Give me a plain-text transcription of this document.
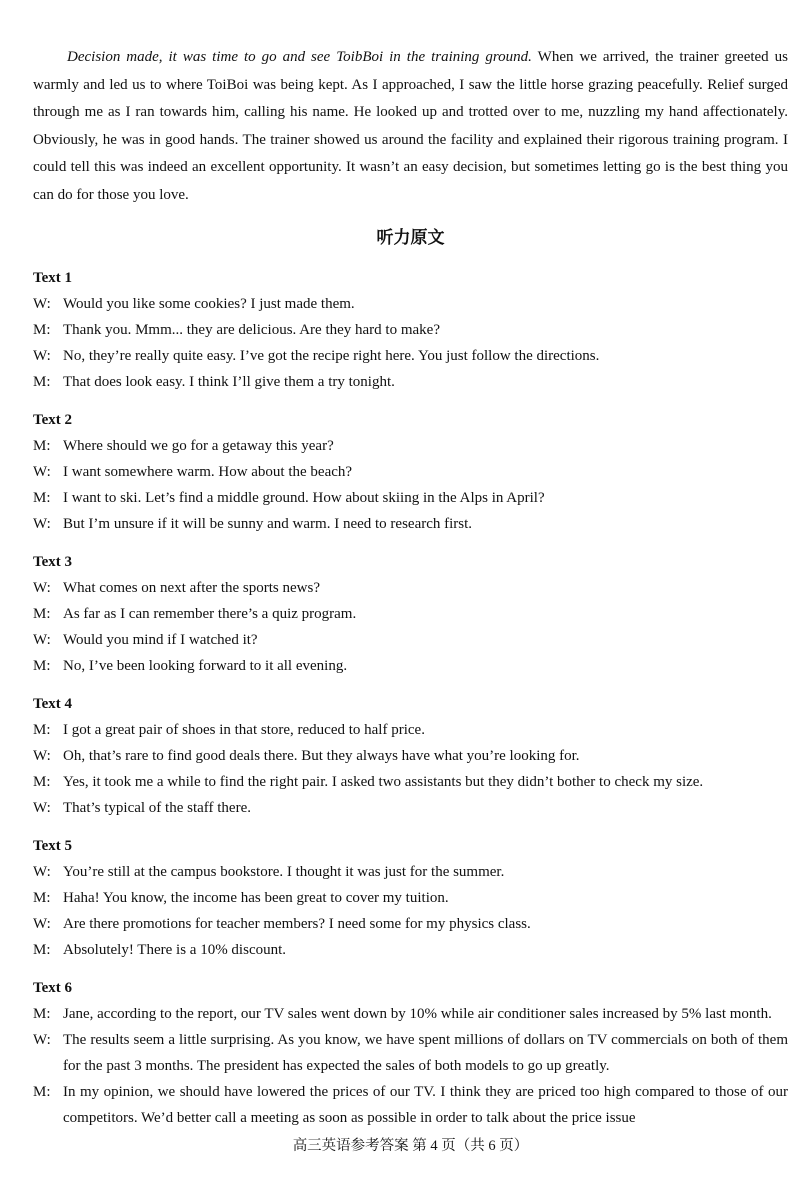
Decision made, it was time to go and see ToibBoi in the training ground. When we arrived, the trainer greeted us warmly and led us to where ToiBoi was being kept. As I approached, I saw the little horse grazing peacefully. Relief surged through me as I ran towards him, calling his name. He looked up and trotted over to me, nuzzling my hand affectionately. Obviously, he was in good hands. The trainer showed us around the facility and explained their rigorous training program. I could tell this was indeed an excellent opportunity. It wasn’t an easy decision, but sometimes letting go is the best thing you can do for those you love.

听力原文
Text 1
W: Would you like some cookies? I just made them.
M: Thank you. Mmm... they are delicious. Are they hard to make?
W: No, they’re really quite easy. I’ve got the recipe right here. You just follow the directions.
M: That does look easy. I think I’ll give them a try tonight.
Text 2
M: Where should we go for a getaway this year?
W: I want somewhere warm. How about the beach?
M: I want to ski. Let’s find a middle ground. How about skiing in the Alps in April?
W: But I’m unsure if it will be sunny and warm. I need to research first.
Text 3
W: What comes on next after the sports news?
M: As far as I can remember there’s a quiz program.
W: Would you mind if I watched it?
M: No, I’ve been looking forward to it all evening.
Text 4
M: I got a great pair of shoes in that store, reduced to half price.
W: Oh, that’s rare to find good deals there. But they always have what you’re looking for.
M: Yes, it took me a while to find the right pair. I asked two assistants but they didn’t bother to check my size.
W: That’s typical of the staff there.
Text 5
W: You’re still at the campus bookstore. I thought it was just for the summer.
M: Haha! You know, the income has been great to cover my tuition.
W: Are there promotions for teacher members? I need some for my physics class.
M: Absolutely! There is a 10% discount.
Text 6
M: Jane, according to the report, our TV sales went down by 10% while air conditioner sales increased by 5% last month.
W: The results seem a little surprising. As you know, we have spent millions of dollars on TV commercials on both of them for the past 3 months. The president has expected the sales of both models to go up greatly.
M: In my opinion, we should have lowered the prices of our TV. I think they are priced too high compared to those of our competitors. We’d better call a meeting as soon as possible in order to talk about the price issue
高三英语参考答案 第 4 页（共 6 页）
